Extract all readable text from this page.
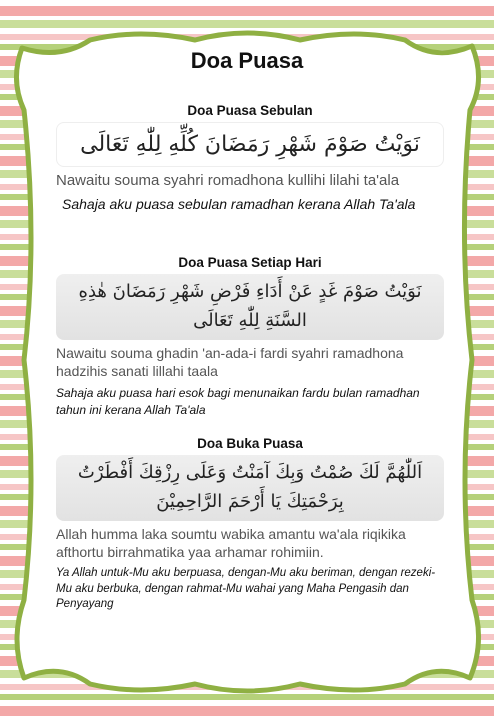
Doa Puasa

Doa Puasa Sebulan

نَوَيْتُ صَوْمَ شَهْرِ رَمَضَانَ كُلِّهِ لِلّٰهِ تَعَالَى

Nawaitu souma syahri romadhona kullihi lilahi ta'ala

Sahaja aku puasa sebulan ramadhan kerana Allah Ta'ala

Doa Puasa Setiap Hari

نَوَيْتُ صَوْمَ غَدٍ عَنْ أَدَاءِ فَرْضِ شَهْرِ رَمَضَانَ هٰذِهِ السَّنَةِ لِلّٰهِ تَعَالَى

Nawaitu souma ghadin 'an-ada-i fardi syahri ramadhona hadzihis sanati lillahi taala

Sahaja aku puasa hari esok bagi menunaikan fardu bulan ramadhan tahun ini kerana Allah Ta'ala

Doa Buka Puasa

اَللّٰهُمَّ لَكَ صُمْتُ وَبِكَ آمَنْتُ وَعَلَى رِزْقِكَ أَفْطَرْتُ بِرَحْمَتِكَ يَا أَرْحَمَ الرَّاحِمِيْنَ

Allah humma laka soumtu wabika amantu wa'ala riqikika afthortu birrahmatika yaa arhamar rohimiin.

Ya Allah untuk-Mu aku berpuasa, dengan-Mu aku beriman, dengan rezeki-Mu aku berbuka, dengan rahmat-Mu wahai yang Maha Pengasih dan Penyayang
